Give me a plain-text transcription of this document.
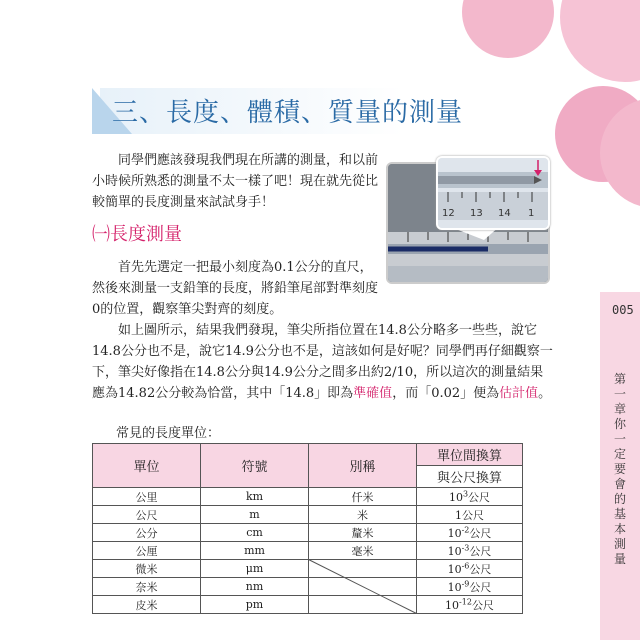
005
第一章 你一定要會的基本測量
三、長度、體積、質量的測量
同學們應該發現我們現在所講的測量，和以前小時候所熟悉的測量不太一樣了吧！現在就先從比較簡單的長度測量來試試身手！
㈠長度測量
首先先選定一把最小刻度為0.1公分的直尺，然後來測量一支鉛筆的長度，將鉛筆尾部對準刻度0的位置，觀察筆尖對齊的刻度。
如上圖所示，結果我們發現，筆尖所指位置在14.8公分略多一些些，說它14.8公分也不是，說它14.9公分也不是，這該如何是好呢？同學們再仔細觀察一下，筆尖好像指在14.8公分與14.9公分之間多出約2/10，所以這次的測量結果應為14.82公分較為恰當，其中「14.8」即為準確值，而「0.02」便為估計值。
12 13 14 1
常見的長度單位：
單位	符號	別稱	單位間換算
			與公尺換算
公里	km	仟米	$10^3$公尺
公尺	m	米	1公尺
公分	cm	釐米	$10^{-2}$公尺
公厘	mm	毫米	$10^{-3}$公尺
微米	μm		$10^{-6}$公尺
奈米	nm		$10^{-9}$公尺
皮米	pm		$10^{-12}$公尺
